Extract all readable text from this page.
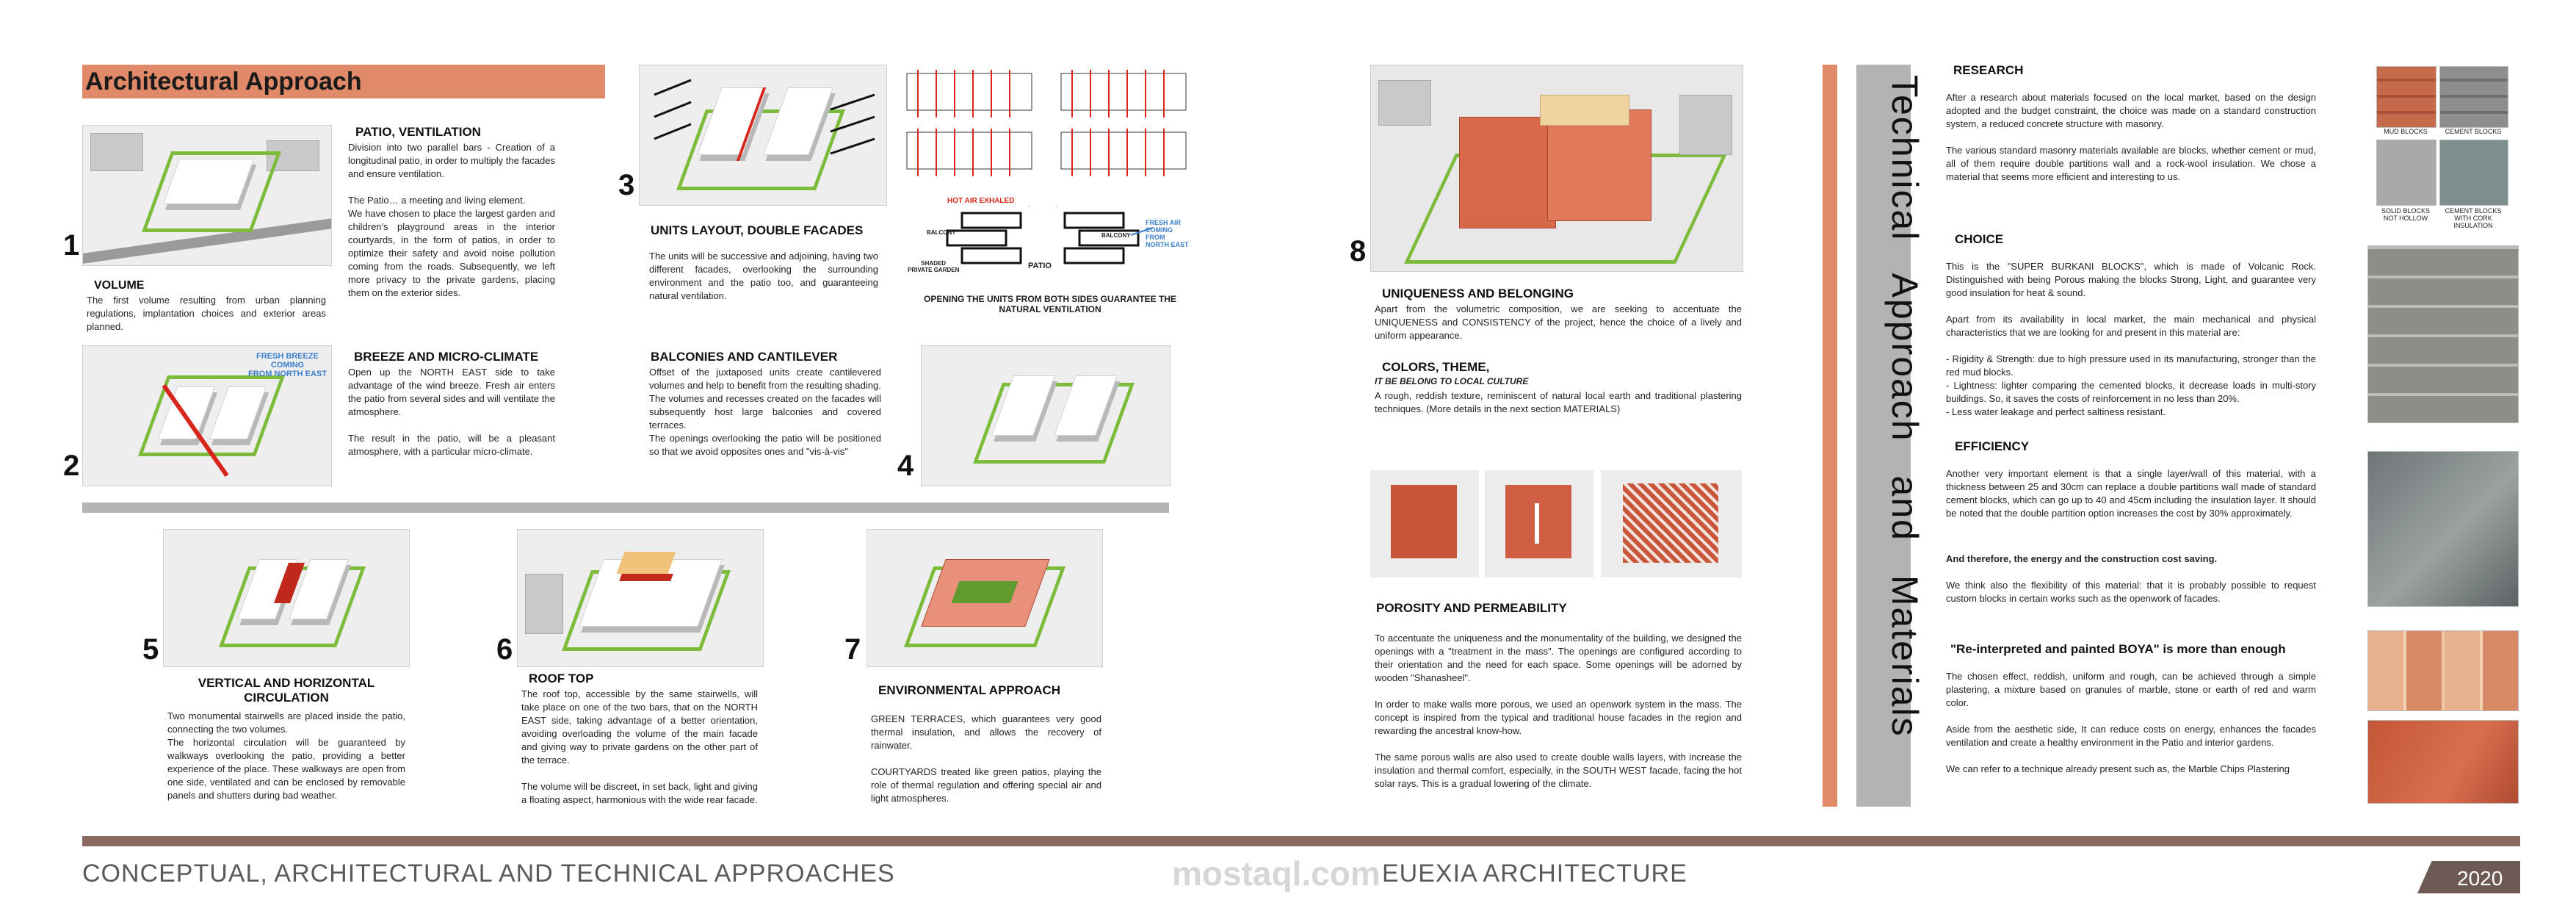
Architectural Approach
1
PATIO, VENTILATION
Division into two parallel bars - Creation of a longitudinal patio, in order to multiply the facades and ensure ventilation.

The Patio… a meeting and living element.
We have chosen to place the largest garden and children's playground areas in the interior courtyards, in the form of patios, in order to optimize their safety and avoid noise pollution coming from the roads. Subsequently, we left more privacy to the private gardens, placing them on the exterior sides.
VOLUME
The first volume resulting from urban planning regulations, implantation choices and exterior areas planned.
FRESH BREEZE
COMING
FROM NORTH EAST
2
BREEZE AND MICRO-CLIMATE
Open up the NORTH EAST side to take advantage of the wind breeze. Fresh air enters the patio from several sides and will ventilate the atmosphere.

The result in the patio, will be a pleasant atmosphere, with a particular micro-climate.
3
UNITS LAYOUT, DOUBLE FACADES
The units will be successive and adjoining, having two different facades, overlooking the surrounding environment and the patio too, and guaranteeing natural ventilation.
HOT AIR EXHALED
BALCONY	BALCONY
SHADED
PRIVATE GARDEN	PATIO
FRESH AIR
COMING
FROM
NORTH EAST
OPENING THE UNITS FROM BOTH SIDES GUARANTEE THE NATURAL VENTILATION
BALCONIES AND CANTILEVER
Offset of the juxtaposed units create cantilevered volumes and help to benefit from the resulting shading.
The volumes and recesses created on the facades will subsequently host large balconies and covered terraces.
The openings overlooking the patio will be positioned so that we avoid opposites ones and "vis-à-vis"	4
5
VERTICAL AND HORIZONTAL
CIRCULATION
Two monumental stairwells are placed inside the patio, connecting the two volumes.
The horizontal circulation will be guaranteed by walkways overlooking the patio, providing a better experience of the place. These walkways are open from one side, ventilated and can be enclosed by removable panels and shutters during bad weather.
6
ROOF TOP
The roof top, accessible by the same stairwells, will take place on one of the two bars, that on the NORTH EAST side, taking advantage of a better orientation, avoiding overloading the volume of the main facade and giving way to private gardens on the other part of the terrace.

The volume will be discreet, in set back, light and giving a floating aspect, harmonious with the wide rear facade.
7
ENVIRONMENTAL APPROACH
GREEN TERRACES, which guarantees very good thermal insulation, and allows the recovery of rainwater.

COURTYARDS treated like green patios, playing the role of thermal regulation and offering special air and light atmospheres.
8
UNIQUENESS AND BELONGING
Apart from the volumetric composition, we are seeking to accentuate the UNIQUENESS and CONSISTENCY of the project, hence the choice of a lively and uniform appearance.
COLORS, THEME,
IT BE BELONG TO LOCAL CULTURE
A rough, reddish texture, reminiscent of natural local earth and traditional plastering techniques. (More details in the next section MATERIALS)
POROSITY AND PERMEABILITY
To accentuate the uniqueness and the monumentality of the building, we designed the openings with a "treatment in the mass". The openings are configured according to their orientation and the need for each space. Some openings will be adorned by wooden "Shanasheel".

In order to make walls more porous, we used an openwork system in the mass. The concept is inspired from the typical and traditional house facades in the region and rewarding the ancestral know-how.

The same porous walls are also used to create double walls layers, with increase the insulation and thermal comfort, especially, in the SOUTH WEST facade, facing the hot solar rays. This is a gradual lowering of the climate.
Technical Approach and Materials
RESEARCH
After a research about materials focused on the local market, based on the design adopted and the budget constraint, the choice was made on a standard construction system, a reduced concrete structure with masonry.

The various standard masonry materials available are blocks, whether cement or mud, all of them require double partitions wall and a rock-wool insulation. We chose a material that seems more efficient and interesting to us.
CHOICE
This is the "SUPER BURKANI BLOCKS", which is made of Volcanic Rock. Distinguished with being Porous making the blocks Strong, Light, and guarantee very good insulation for heat & sound.

Apart from its availability in local market, the main mechanical and physical characteristics that we are looking for and present in this material are:

- Rigidity & Strength: due to high pressure used in its manufacturing, stronger than the red mud blocks.
- Lightness: lighter comparing the cemented blocks, it decrease loads in multi-story buildings. So, it saves the costs of reinforcement in no less than 20%.
- Less water leakage and perfect saltiness resistant.
EFFICIENCY
Another very important element is that a single layer/wall of this material, with a thickness between 25 and 30cm can replace a double partitions wall made of standard cement blocks, which can go up to 40 and 45cm including the insulation layer. It should be noted that the double partition option increases the cost by 30% approximately.
And therefore, the energy and the construction cost saving.
We think also the flexibility of this material: that it is probably possible to request custom blocks in certain works such as the openwork of facades.
"Re-interpreted and painted BOYA" is more than enough
The chosen effect, reddish, uniform and rough, can be achieved through a simple plastering, a mixture based on granules of marble, stone or earth of red and warm color.

Aside from the aesthetic side, It can reduce costs on energy, enhances the facades ventilation and create a healthy environment in the Patio and interior gardens.

We can refer to a technique already present such as, the Marble Chips Plastering
MUD BLOCKS	CEMENT BLOCKS
SOLID BLOCKS
NOT HOLLOW
CEMENT BLOCKS
WITH CORK
INSULATION
CONCEPTUAL, ARCHITECTURAL AND TECHNICAL APPROACHES	EUEXIA ARCHITECTURE	2020
mostaql.com
